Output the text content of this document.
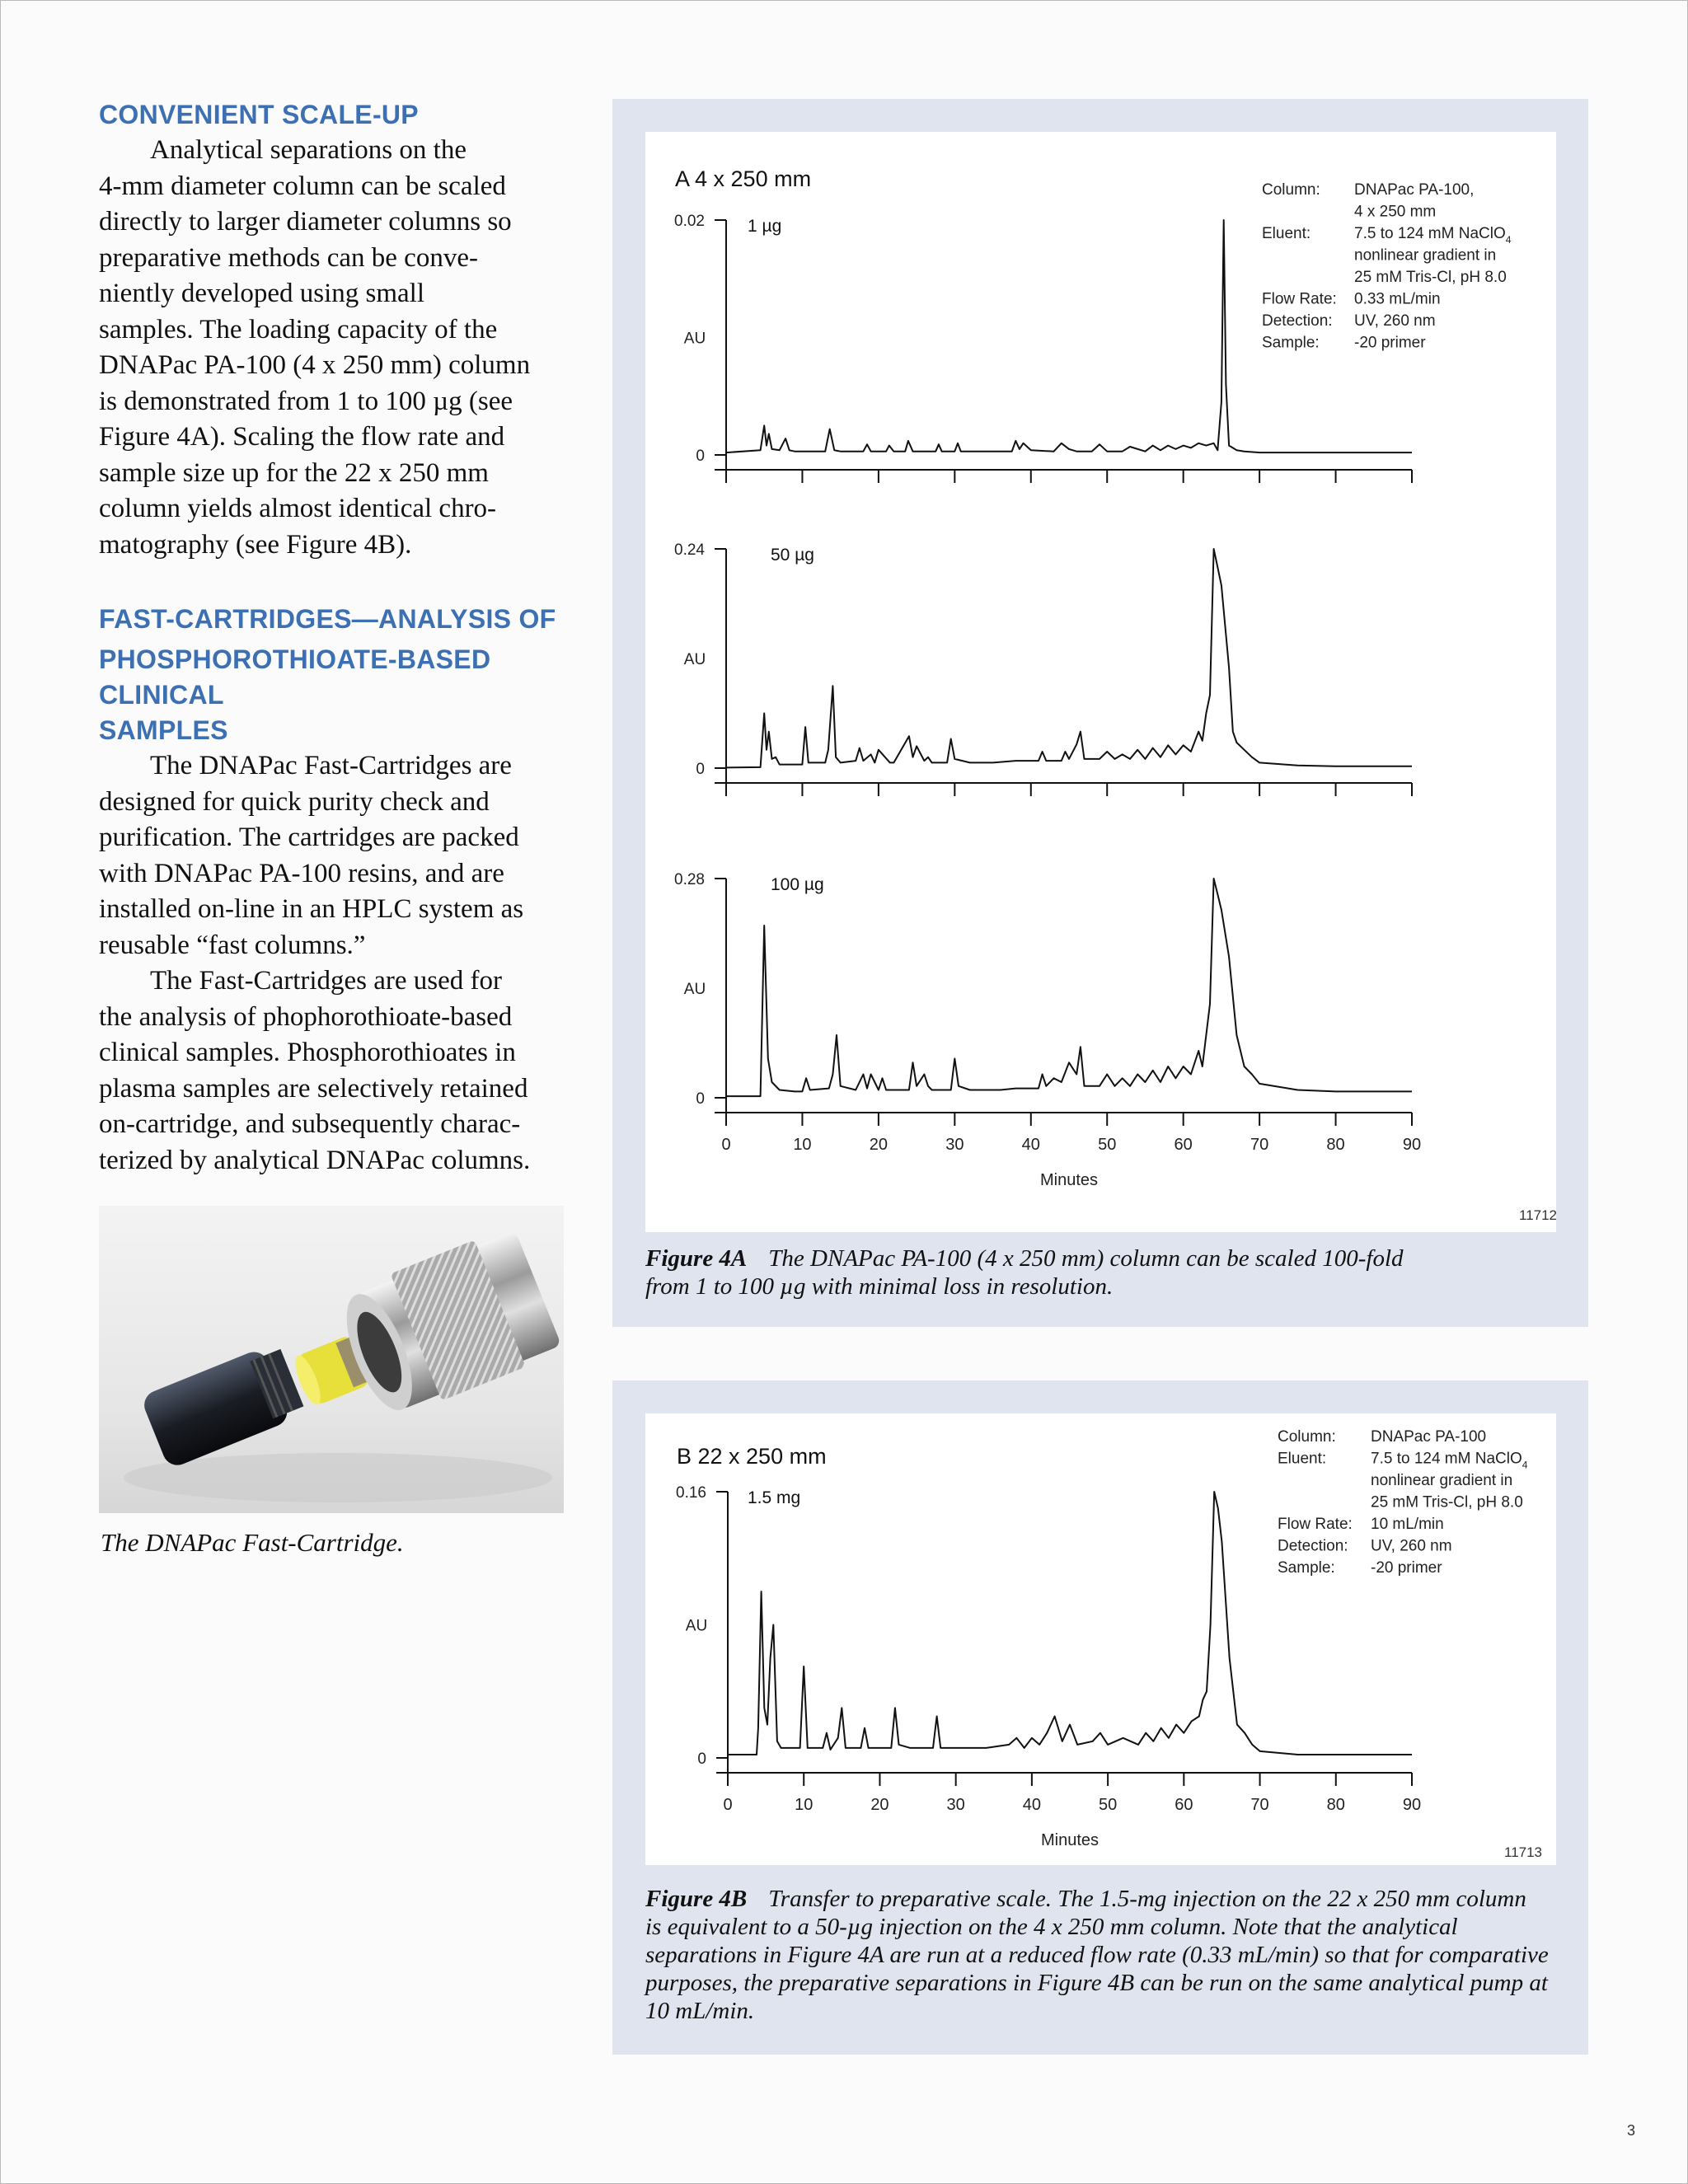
CONVENIENT SCALE-UP

Analytical separations on the
4-mm diameter column can be scaled
directly to larger diameter columns so
preparative methods can be conve-
niently developed using small
samples. The loading capacity of the
DNAPac PA-100 (4 x 250 mm) column
is demonstrated from 1 to 100 µg (see
Figure 4A). Scaling the flow rate and
sample size up for the 22 x 250 mm
column yields almost identical chro-
matography (see Figure 4B).

FAST-CARTRIDGES—ANALYSIS OF
PHOSPHOROTHIOATE-BASED CLINICAL
SAMPLES

The DNAPac Fast-Cartridges are
designed for quick purity check and
purification. The cartridges are packed
with DNAPac PA-100 resins, and are
installed on-line in an HPLC system as
reusable “fast columns.”
The Fast-Cartridges are used for
the analysis of phophorothioate-based
clinical samples. Phosphorothioates in
plasma samples are selectively retained
on-cartridge, and subsequently charac-
terized by analytical DNAPac columns.

The DNAPac Fast-Cartridge.

A 4 x 250 mm	Column: DNAPac PA-100,
4 x 250 mm
Eluent:	7.5 to 124 mM NaClO$_4$
nonlinear gradient in
25 mM Tris-Cl, pH 8.0
Flow Rate: 0.33 mL/min
Detection: UV, 260 nm
Sample: -20 primer
11712
0.02
0
AU
1 µg
0.24
0
AU
50 µg
0.28
0
AU
100 µg
0	10	20	30	40	50	60	70	80	90
Minutes

Figure 4A The DNAPac PA-100 (4 x 250 mm) column can be scaled 100-fold
from 1 to 100 µg with minimal loss in resolution.

B 22 x 250 mm
Column: DNAPac PA-100
Eluent:	7.5 to 124 mM NaClO$_4$
nonlinear gradient in
25 mM Tris-Cl, pH 8.0
Flow Rate: 10 mL/min
Detection: UV, 260 nm
Sample: -20 primer
11713
0.16
0
AU
1.5 mg
0	10	20	30	40	50	60	70	80	90
Minutes

Figure 4B Transfer to preparative scale. The 1.5-mg injection on the 22 x 250 mm column
is equivalent to a 50-µg injection on the 4 x 250 mm column. Note that the analytical
separations in Figure 4A are run at a reduced flow rate (0.33 mL/min) so that for comparative
purposes, the preparative separations in Figure 4B can be run on the same analytical pump at
10 mL/min.

3
